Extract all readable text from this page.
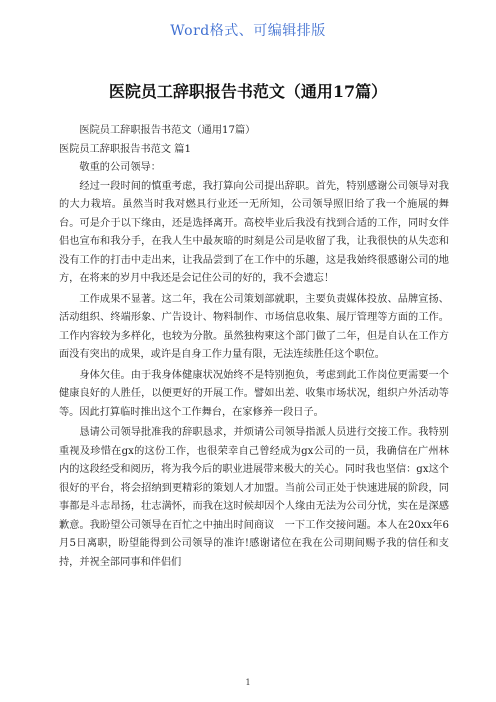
Word格式、可编辑排版
医院员工辞职报告书范文（通用17篇）

医院员工辞职报告书范文（通用17篇）

医院员工辞职报告书范文 篇1

敬重的公司领导：

经过一段时间的慎重考虑，我打算向公司提出辞职。首先，特别感谢公司领导对我的大力栽培。虽然当时我对燃具行业还一无所知，公司领导照旧给了我一个施展的舞台。可是介于以下缘由，还是选择离开。高校毕业后我没有找到合适的工作，同时女伴侣也宣布和我分手，在我人生中最灰暗的时刻是公司是收留了我，让我很快的从失恋和没有工作的打击中走出来，让我品尝到了在工作中的乐趣，这是我始终很感谢公司的地方，在将来的岁月中我还是会记住公司的好的，我不会遗忘！

工作成果不显著。这二年，我在公司策划部就职，主要负责媒体投放、品牌宣扬、活动组织、终端形象、广告设计、物料制作、市场信息收集、展厅管理等方面的工作。工作内容较为多样化，也较为分散。虽然独构柬这个部门做了二年，但是自认在工作方面没有突出的成果，或许是自身工作力量有限，无法连续胜任这个职位。

身体欠佳。由于我身体健康状况始终不是特别抱负，考虑到此工作岗位更需要一个健康良好的人胜任，以便更好的开展工作。譬如出差、收集市场状况，组织户外活动等等。因此打算临时推出这个工作舞台，在家修养一段日子。

恳请公司领导批准我的辞职恳求，并烦请公司领导指派人员进行交接工作。我特别重视及珍惜在gx的这份工作，也很荣幸自己曾经成为gx公司的一员，我确信在广州林内的这段经受和阅历，将为我今后的职业进展带来极大的关心。同时我也坚信：gx这个很好的平台，将会招纳到更精彩的策划人才加盟。当前公司正处于快速进展的阶段，同事都是斗志昂扬，壮志满怀，而我在这时候却因个人缘由无法为公司分忧，实在是深感歉意。我盼望公司领导在百忙之中抽出时间商议　一下工作交接问题。本人在20xx年6月5日离职，盼望能得到公司领导的准许!感谢诸位在我在公司期间赐予我的信任和支持，并祝全部同事和伴侣们

1
